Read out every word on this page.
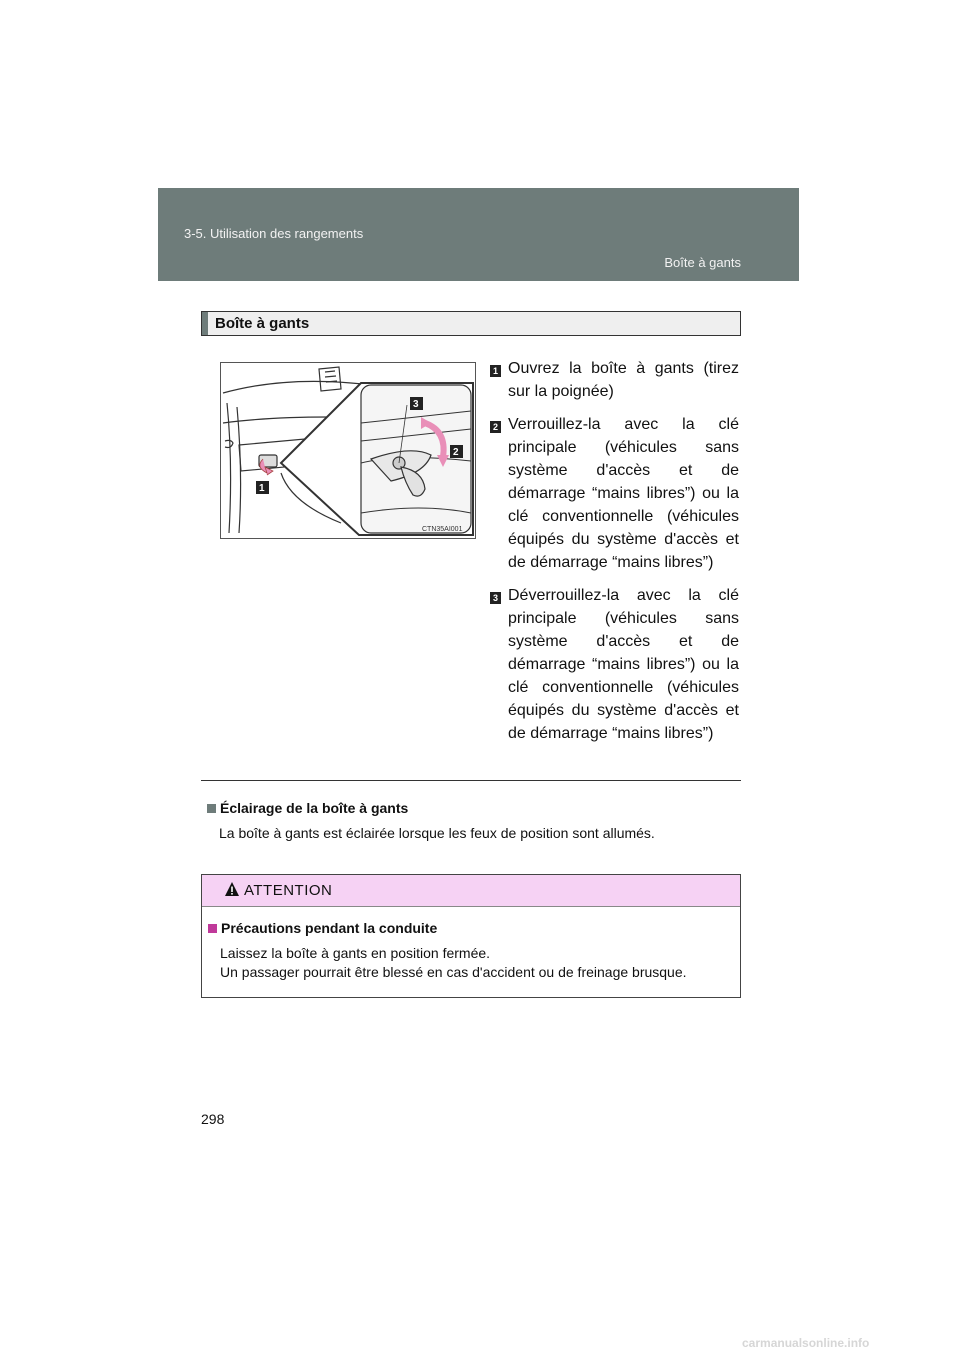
3-5. Utilisation des rangements
Boîte à gants
Boîte à gants
3
2
1
CTN35AI001
1 Ouvrez la boîte à gants (tirez sur la poignée)
2 Verrouillez-la avec la clé principale (véhicules sans système d'accès et de démarrage “mains libres”) ou la clé conventionnelle (véhicules équipés du système d'accès et de démarrage “mains libres”)
3 Déverrouillez-la avec la clé principale (véhicules sans système d'accès et de démarrage “mains libres”) ou la clé conventionnelle (véhicules équipés du système d'accès et de démarrage “mains libres”)
Éclairage de la boîte à gants
La boîte à gants est éclairée lorsque les feux de position sont allumés.
ATTENTION
Précautions pendant la conduite
Laissez la boîte à gants en position fermée.
Un passager pourrait être blessé en cas d'accident ou de freinage brusque.
298
carmanualsonline.info
